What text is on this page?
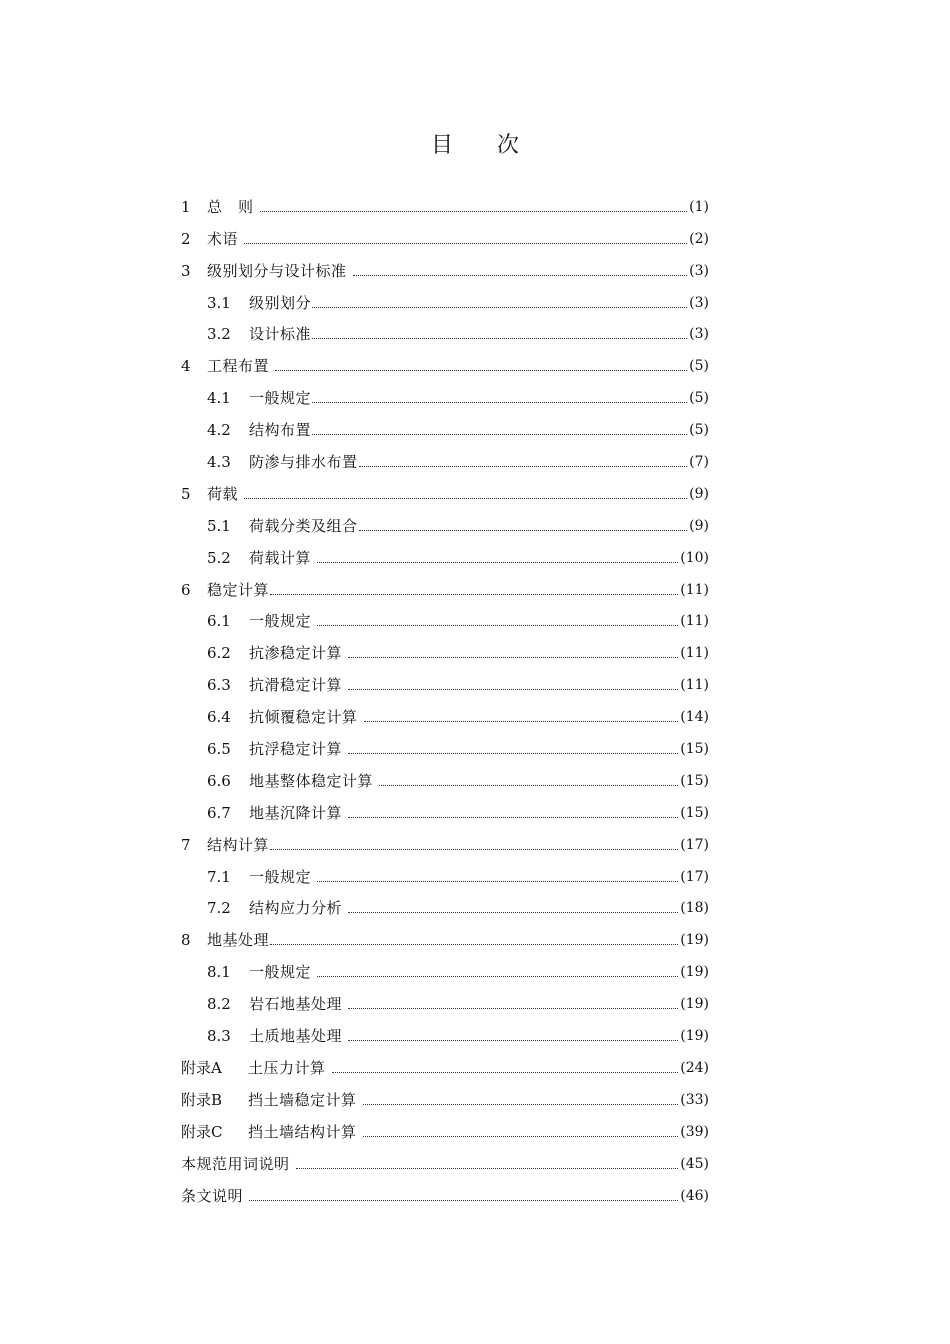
目 次
1	总　则	(1)
2	术语	(2)
3	级别划分与设计标准	(3)
3.1	级别划分	(3)
3.2	设计标准	(3)
4	工程布置	(5)
4.1	一般规定	(5)
4.2	结构布置	(5)
4.3	防渗与排水布置	(7)
5	荷载	(9)
5.1	荷载分类及组合	(9)
5.2	荷载计算	(10)
6	稳定计算	(11)
6.1	一般规定	(11)
6.2	抗渗稳定计算	(11)
6.3	抗滑稳定计算	(11)
6.4	抗倾覆稳定计算	(14)
6.5	抗浮稳定计算	(15)
6.6	地基整体稳定计算	(15)
6.7	地基沉降计算	(15)
7	结构计算	(17)
7.1	一般规定	(17)
7.2	结构应力分析	(18)
8	地基处理	(19)
8.1	一般规定	(19)
8.2	岩石地基处理	(19)
8.3	土质地基处理	(19)
附录A	土压力计算	(24)
附录B	挡土墙稳定计算	(33)
附录C	挡土墙结构计算	(39)
本规范用词说明	(45)
条文说明	(46)
